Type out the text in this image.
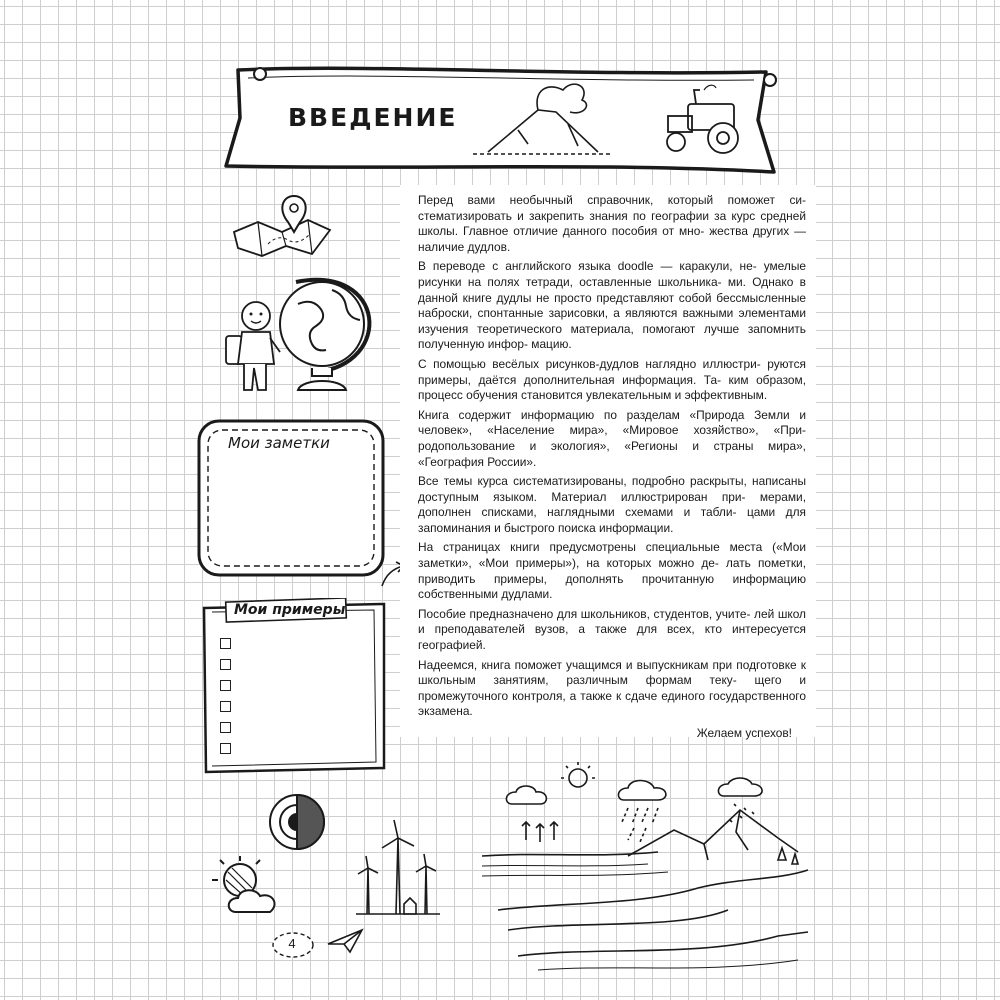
ВВЕДЕНИЕ
Мои заметки
Мои примеры

Перед вами необычный справочник, который поможет си- стематизировать и закрепить знания по географии за курс средней школы. Главное отличие данного пособия от мно- жества других — наличие дудлов.

В переводе с английского языка doodle — каракули, не- умелые рисунки на полях тетради, оставленные школьника- ми. Однако в данной книге дудлы не просто представляют собой бессмысленные наброски, спонтанные зарисовки, а являются важными элементами изучения теоретического материала, помогают лучше запомнить полученную инфор- мацию.

С помощью весёлых рисунков-дудлов наглядно иллюстри- руются примеры, даётся дополнительная информация. Та- ким образом, процесс обучения становится увлекательным и эффективным.

Книга содержит информацию по разделам «Природа Земли и человек», «Население мира», «Мировое хозяйство», «При- родопользование и экология», «Регионы и страны мира», «География России».

Все темы курса систематизированы, подробно раскрыты, написаны доступным языком. Материал иллюстрирован при- мерами, дополнен списками, наглядными схемами и табли- цами для запоминания и быстрого поиска информации.

На страницах книги предусмотрены специальные места («Мои заметки», «Мои примеры»), на которых можно де- лать пометки, приводить примеры, дополнять прочитанную информацию собственными дудлами.

Пособие предназначено для школьников, студентов, учите- лей школ и преподавателей вузов, а также для всех, кто интересуется географией.

Надеемся, книга поможет учащимся и выпускникам при подготовке к школьным занятиям, различным формам теку- щего и промежуточного контроля, а также к сдаче единого государственного экзамена.

Желаем успехов!
4
